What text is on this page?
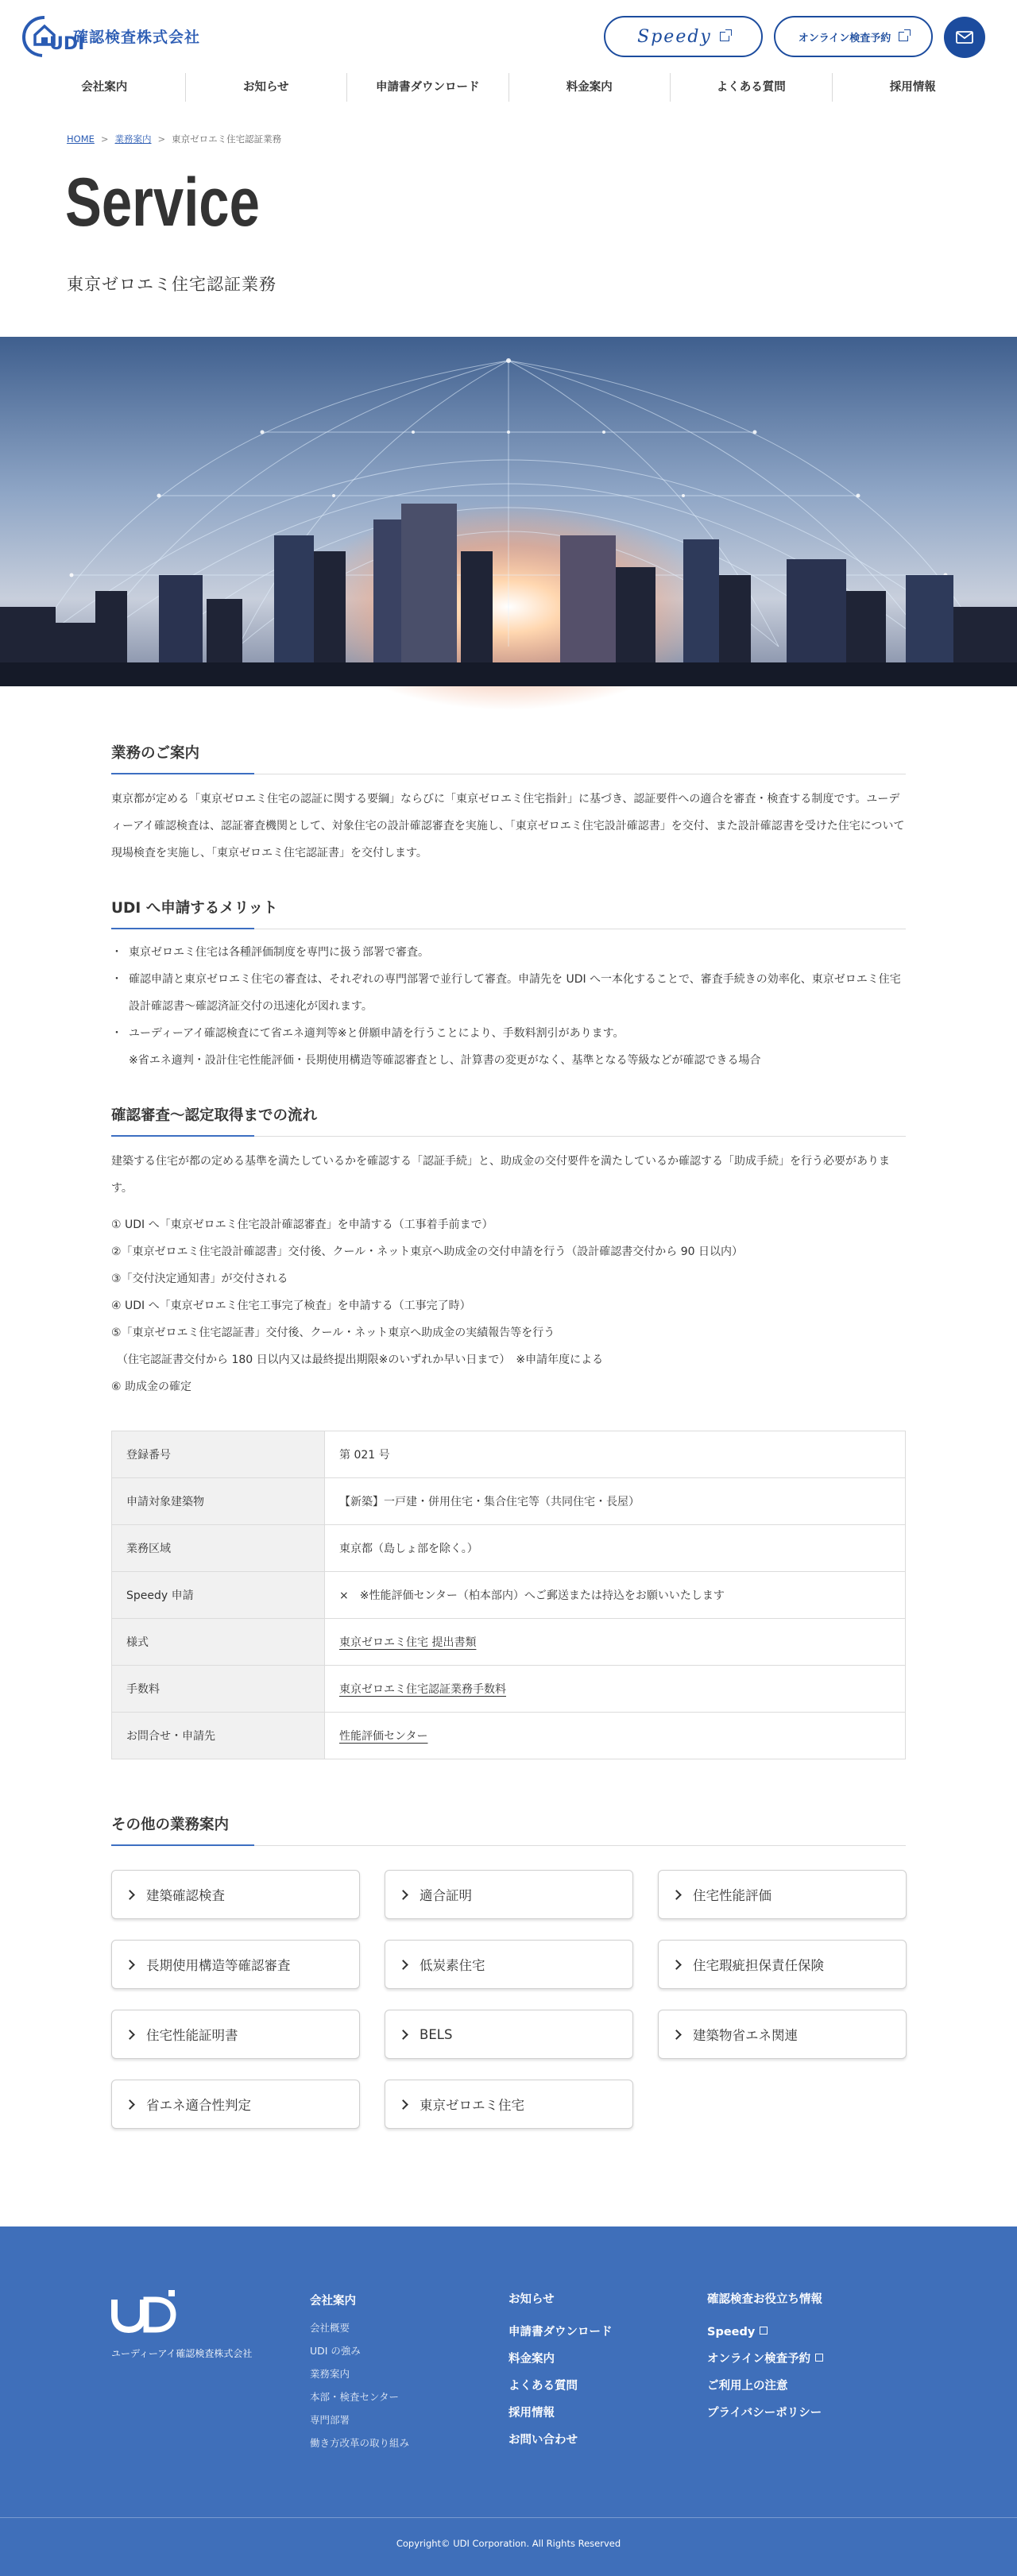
UDI
確認検査株式会社	Speedy	オンライン検査予約
会社案内	お知らせ	申請書ダウンロード	料金案内	よくある質問	採用情報
HOME > 業務案内 > 東京ゼロエミ住宅認証業務
Service
東京ゼロエミ住宅認証業務
業務のご案内

東京都が定める「東京ゼロエミ住宅の認証に関する要綱」ならびに「東京ゼロエミ住宅指針」に基づき、認証要件への適合を審査・検査する制度です。ユーディーアイ確認検査は、認証審査機関として、対象住宅の設計確認審査を実施し、「東京ゼロエミ住宅設計確認書」を交付、また設計確認書を受けた住宅について現場検査を実施し、「東京ゼロエミ住宅認証書」を交付します。

UDI へ申請するメリット
・ 東京ゼロエミ住宅は各種評価制度を専門に扱う部署で審査。
・ 確認申請と東京ゼロエミ住宅の審査は、それぞれの専門部署で並行して審査。申請先を UDI へ一本化することで、審査手続きの効率化、東京ゼロエミ住宅設計確認書〜確認済証交付の迅速化が図れます。
・ ユーディーアイ確認検査にて省エネ適判等※と併願申請を行うことにより、手数料割引があります。
※省エネ適判・設計住宅性能評価・長期使用構造等確認審査とし、計算書の変更がなく、基準となる等級などが確認できる場合
確認審査〜認定取得までの流れ

建築する住宅が都の定める基準を満たしているかを確認する「認証手続」と、助成金の交付要件を満たしているか確認する「助成手続」を行う必要があります。

① UDI へ「東京ゼロエミ住宅設計確認審査」を申請する（工事着手前まで）
②「東京ゼロエミ住宅設計確認書」交付後、クール・ネット東京へ助成金の交付申請を行う（設計確認書交付から 90 日以内）
③「交付決定通知書」が交付される
④ UDI へ「東京ゼロエミ住宅工事完了検査」を申請する（工事完了時）
⑤「東京ゼロエミ住宅認証書」交付後、クール・ネット東京へ助成金の実績報告等を行う
　（住宅認証書交付から 180 日以内又は最終提出期限※のいずれか早い日まで）　※申請年度による
⑥ 助成金の確定
登録番号	第 021 号
申請対象建築物	【新築】一戸建・併用住宅・集合住宅等（共同住宅・長屋）
業務区域	東京都（島しょ部を除く。）
Speedy 申請	×　※性能評価センター（柏本部内）へご郵送または持込をお願いいたします
様式	東京ゼロエミ住宅 提出書類
手数料	東京ゼロエミ住宅認証業務手数料
お問合せ・申請先	性能評価センター
その他の業務案内
建築確認検査	適合証明	住宅性能評価
長期使用構造等確認審査	低炭素住宅	住宅瑕疵担保責任保険
住宅性能証明書	BELS	建築物省エネ関連
省エネ適合性判定	東京ゼロエミ住宅
ユーディーアイ確認検査株式会社
会社案内
会社概要
UDI の強み
業務案内
本部・検査センター
専門部署
働き方改革の取り組み
お知らせ
申請書ダウンロード
料金案内
よくある質問
採用情報
お問い合わせ
確認検査お役立ち情報
Speedy
オンライン検査予約
ご利用上の注意
プライバシーポリシー
Copyright© UDI Corporation. All Rights Reserved
